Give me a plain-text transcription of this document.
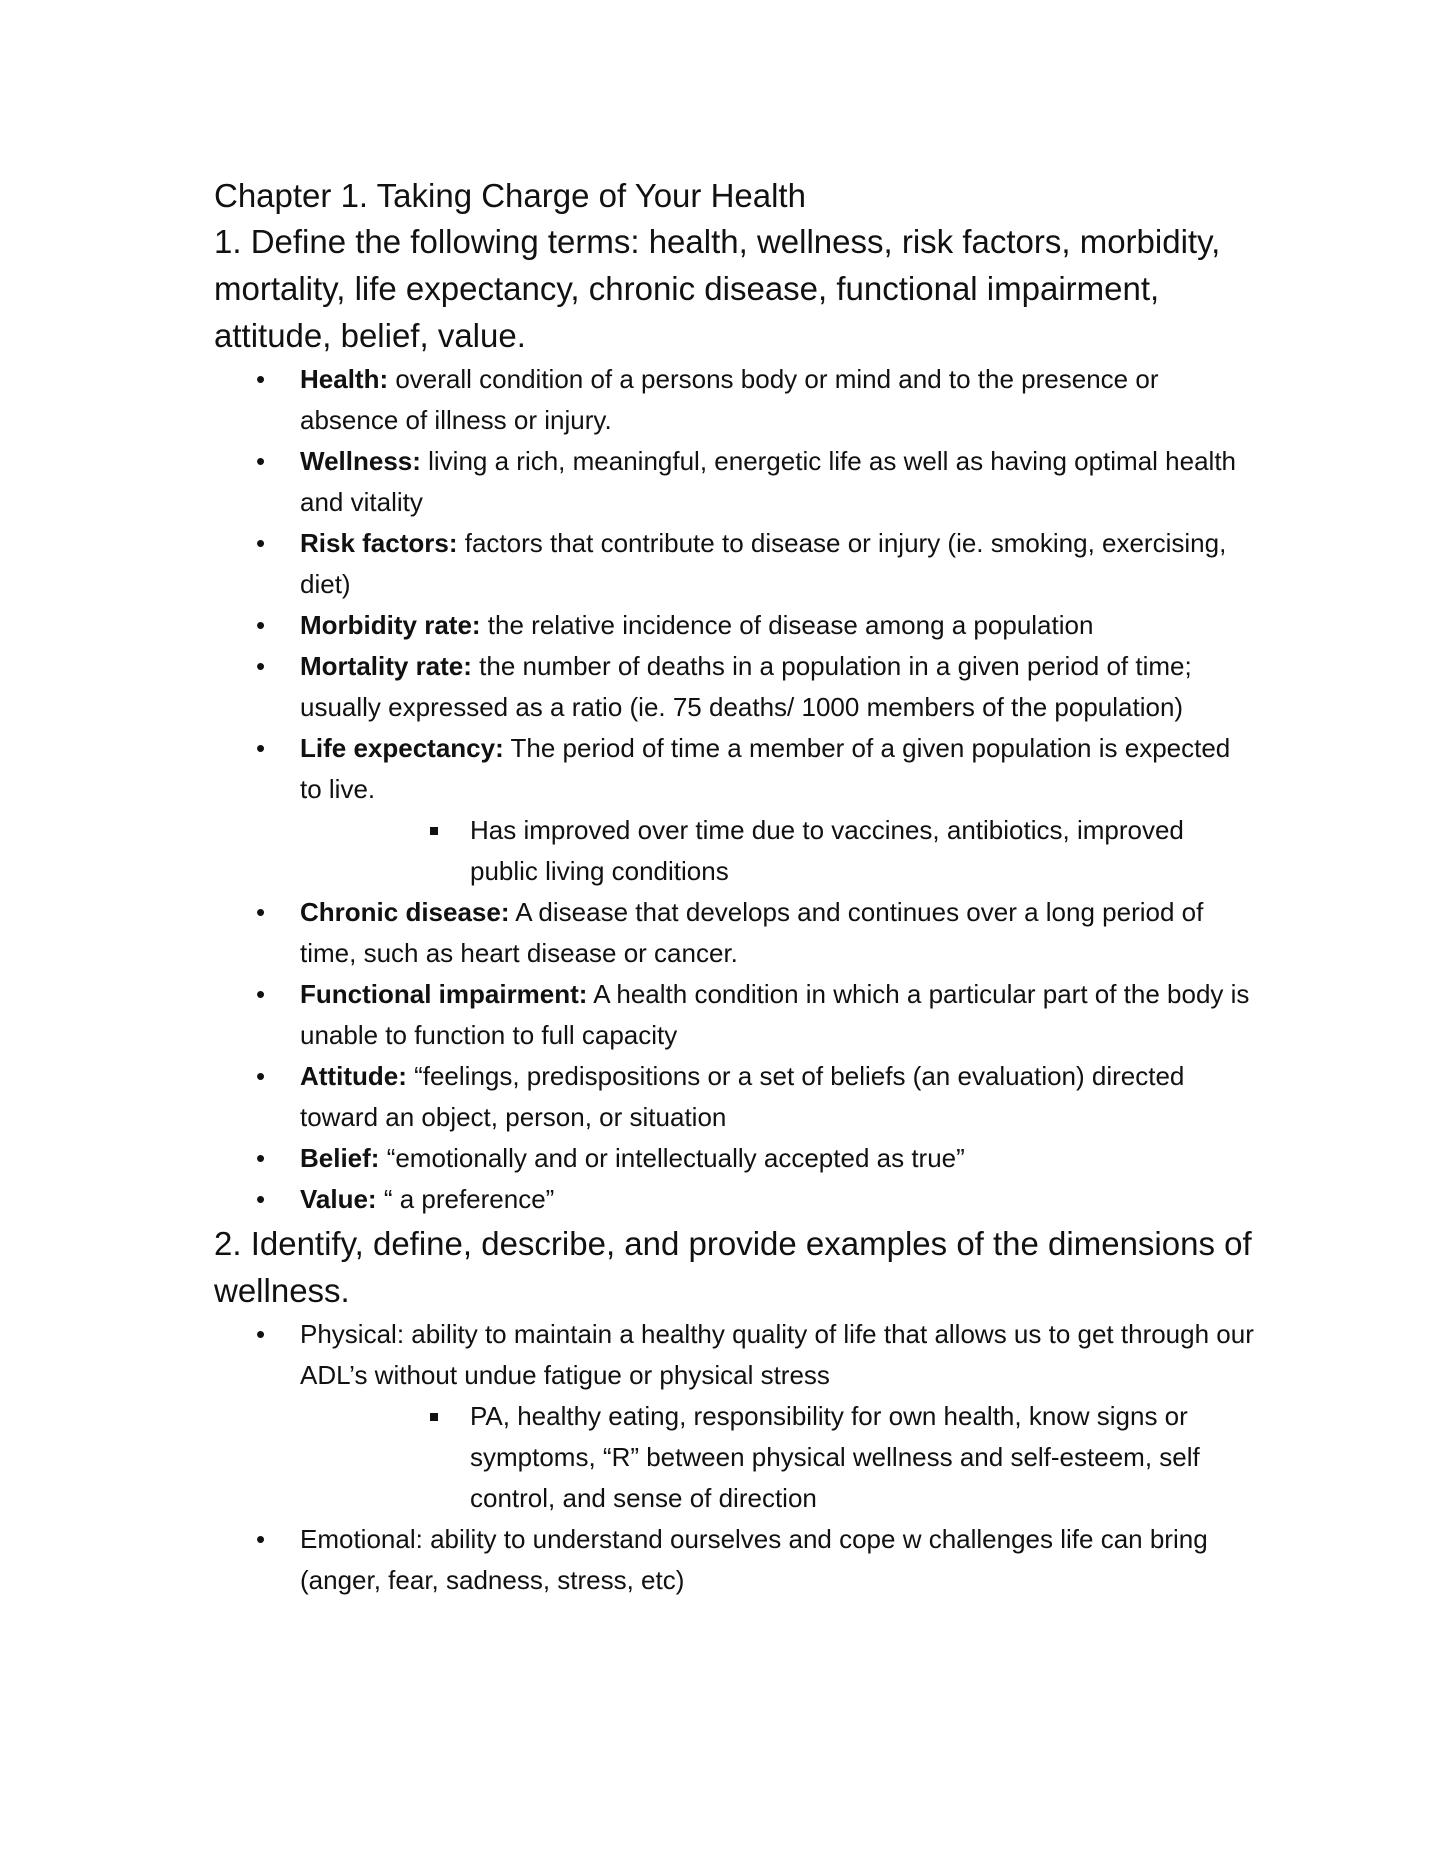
Chapter 1. Taking Charge of Your Health

1. Define the following terms: health, wellness, risk factors, morbidity, mortality, life expectancy, chronic disease, functional impairment, attitude, belief, value.

• Health: overall condition of a persons body or mind and to the presence or absence of illness or injury.
• Wellness: living a rich, meaningful, energetic life as well as having optimal health and vitality
• Risk factors: factors that contribute to disease or injury (ie. smoking, exercising, diet)
• Morbidity rate: the relative incidence of disease among a population
• Mortality rate: the number of deaths in a population in a given period of time; usually expressed as a ratio (ie. 75 deaths/ 1000 members of the population)
• Life expectancy: The period of time a member of a given population is expected to live.
Has improved over time due to vaccines, antibiotics, improved public living conditions
• Chronic disease: A disease that develops and continues over a long period of time, such as heart disease or cancer.
• Functional impairment: A health condition in which a particular part of the body is unable to function to full capacity
• Attitude: “feelings, predispositions or a set of beliefs (an evaluation) directed toward an object, person, or situation
• Belief: “emotionally and or intellectually accepted as true”
• Value: “ a preference”

2. Identify, define, describe, and provide examples of the dimensions of wellness.

• Physical: ability to maintain a healthy quality of life that allows us to get through our ADL’s without undue fatigue or physical stress
PA, healthy eating, responsibility for own health, know signs or symptoms, “R” between physical wellness and self-esteem, self control, and sense of direction
• Emotional: ability to understand ourselves and cope w challenges life can bring (anger, fear, sadness, stress, etc)
